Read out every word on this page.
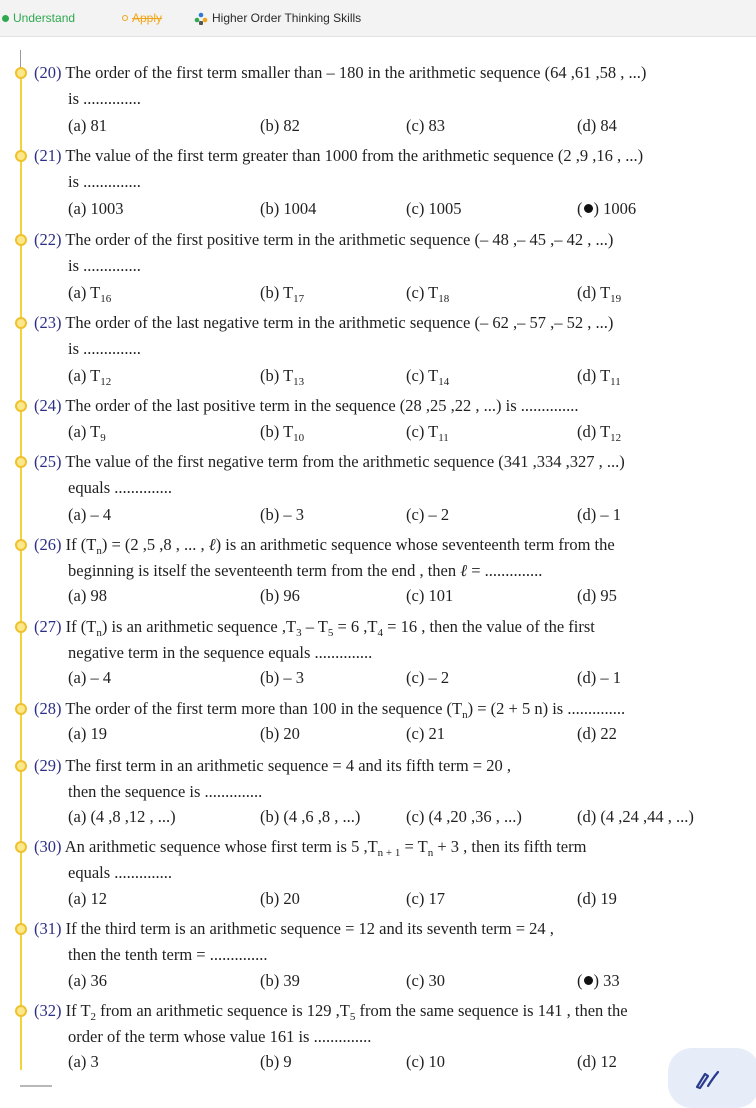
Understand	Apply	Higher Order Thinking Skills
(20) The order of the first term smaller than – 180 in the arithmetic sequence (64 ,61 ,58 , ...)
is ..............
(a) 81	(b) 82	(c) 83	(d) 84
(21) The value of the first term greater than 1000 from the arithmetic sequence (2 ,9 ,16 , ...)
is ..............
(a) 1003	(b) 1004	(c) 1005	( ) 1006
(22) The order of the first positive term in the arithmetic sequence (– 48 ,– 45 ,– 42 , ...)
is ..............
(a) $T_{16}$	(b) $T_{17}$	(c) $T_{18}$	(d) $T_{19}$
(23) The order of the last negative term in the arithmetic sequence (– 62 ,– 57 ,– 52 , ...)
is ..............
(a) $T_{12}$	(b) $T_{13}$	(c) $T_{14}$	(d) $T_{11}$
(24) The order of the last positive term in the sequence (28 ,25 ,22 , ...) is ..............
(a) $T_9$	(b) $T_{10}$	(c) $T_{11}$	(d) $T_{12}$
(25) The value of the first negative term from the arithmetic sequence (341 ,334 ,327 , ...)
equals ..............
(a) – 4	(b) – 3	(c) – 2	(d) – 1
(26) If $(T_n) = (2$ ,5 ,8 , ... , ℓ) is an arithmetic sequence whose seventeenth term from the
beginning is itself the seventeenth term from the end , then ℓ = ..............
(a) 98	(b) 96	(c) 101	(d) 95
(27) If $(T_n)$ is an arithmetic sequence $,T_3 - T_5 = 6$ $,T_4 = 16$ , then the value of the first
negative term in the sequence equals ..............
(a) – 4	(b) – 3	(c) – 2	(d) – 1
(28) The order of the first term more than 100 in the sequence $(T_n) = (2 + 5$ n) is ..............
(a) 19	(b) 20	(c) 21	(d) 22
(29) The first term in an arithmetic sequence = 4 and its fifth term = 20 ,
then the sequence is ..............
(a) (4 ,8 ,12 , ...)	(b) (4 ,6 ,8 , ...)	(c) (4 ,20 ,36 , ...)	(d) (4 ,24 ,44 , ...)
(30) An arithmetic sequence whose first term is 5 $,T_{n + 1} = T_n + 3$ , then its fifth term
equals ..............
(a) 12	(b) 20	(c) 17	(d) 19
(31) If the third term is an arithmetic sequence = 12 and its seventh term = 24 ,
then the tenth term = ..............
(a) 36	(b) 39	(c) 30	( ) 33
(32) If $T_2$ from an arithmetic sequence is 129 $,T_5$ from the same sequence is 141 , then the
order of the term whose value 161 is ..............
(a) 3	(b) 9	(c) 10	(d) 12
